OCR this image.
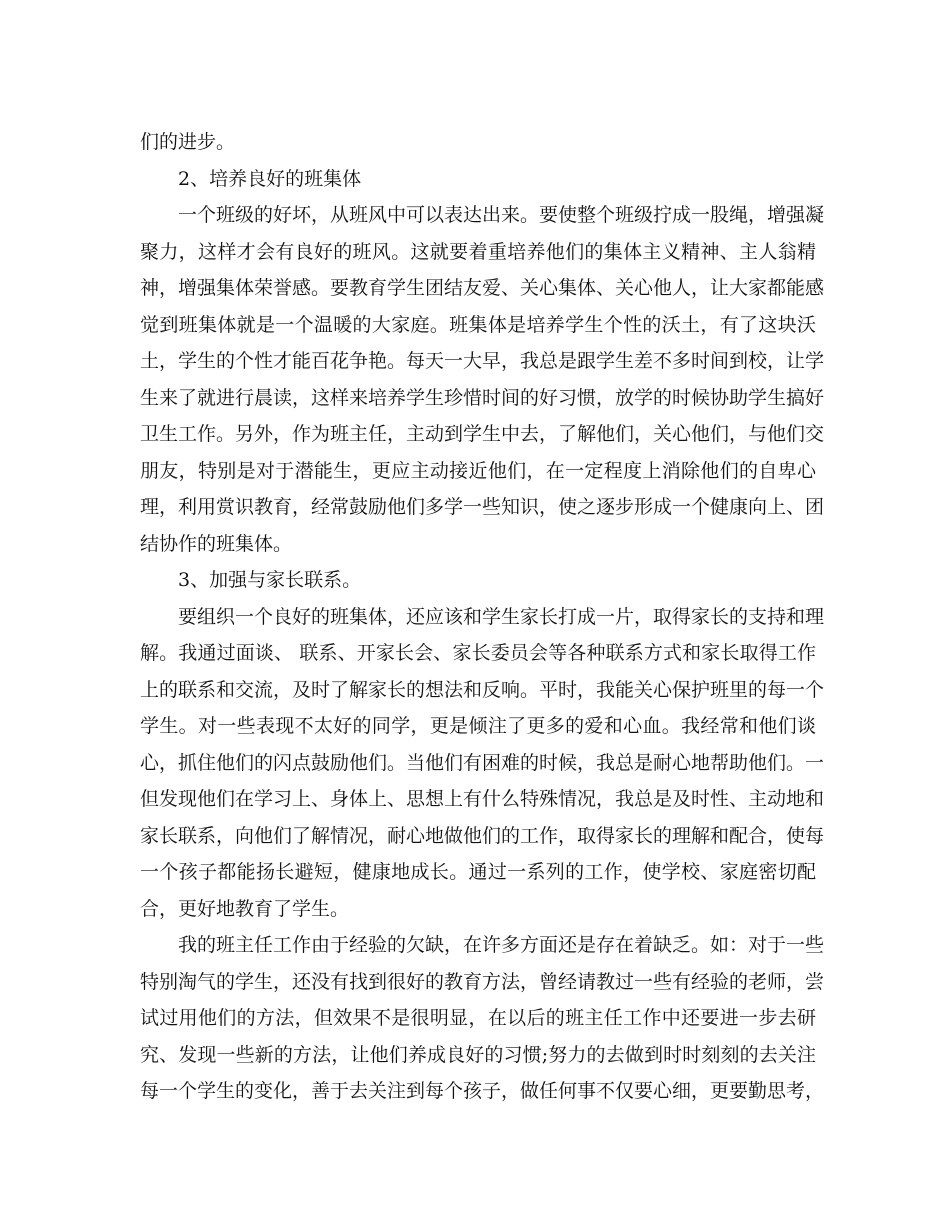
们的进步。
2、培养良好的班集体
一个班级的好坏，从班风中可以表达出来。要使整个班级拧成一股绳，增强凝
聚力，这样才会有良好的班风。这就要着重培养他们的集体主义精神、主人翁精
神，增强集体荣誉感。要教育学生团结友爱、关心集体、关心他人，让大家都能感
觉到班集体就是一个温暖的大家庭。班集体是培养学生个性的沃土，有了这块沃
土，学生的个性才能百花争艳。每天一大早，我总是跟学生差不多时间到校，让学
生来了就进行晨读，这样来培养学生珍惜时间的好习惯，放学的时候协助学生搞好
卫生工作。另外，作为班主任，主动到学生中去，了解他们，关心他们，与他们交
朋友，特别是对于潜能生，更应主动接近他们，在一定程度上消除他们的自卑心
理，利用赏识教育，经常鼓励他们多学一些知识，使之逐步形成一个健康向上、团
结协作的班集体。
3、加强与家长联系。
要组织一个良好的班集体，还应该和学生家长打成一片，取得家长的支持和理
解。我通过面谈、 联系、开家长会、家长委员会等各种联系方式和家长取得工作
上的联系和交流，及时了解家长的想法和反响。平时，我能关心保护班里的每一个
学生。对一些表现不太好的同学，更是倾注了更多的爱和心血。我经常和他们谈
心，抓住他们的闪点鼓励他们。当他们有困难的时候，我总是耐心地帮助他们。一
但发现他们在学习上、身体上、思想上有什么特殊情况，我总是及时性、主动地和
家长联系，向他们了解情况，耐心地做他们的工作，取得家长的理解和配合，使每
一个孩子都能扬长避短，健康地成长。通过一系列的工作，使学校、家庭密切配
合，更好地教育了学生。
我的班主任工作由于经验的欠缺，在许多方面还是存在着缺乏。如：对于一些
特别淘气的学生，还没有找到很好的教育方法，曾经请教过一些有经验的老师，尝
试过用他们的方法，但效果不是很明显，在以后的班主任工作中还要进一步去研
究、发现一些新的方法，让他们养成良好的习惯;努力的去做到时时刻刻的去关注
每一个学生的变化，善于去关注到每个孩子，做任何事不仅要心细，更要勤思考，
